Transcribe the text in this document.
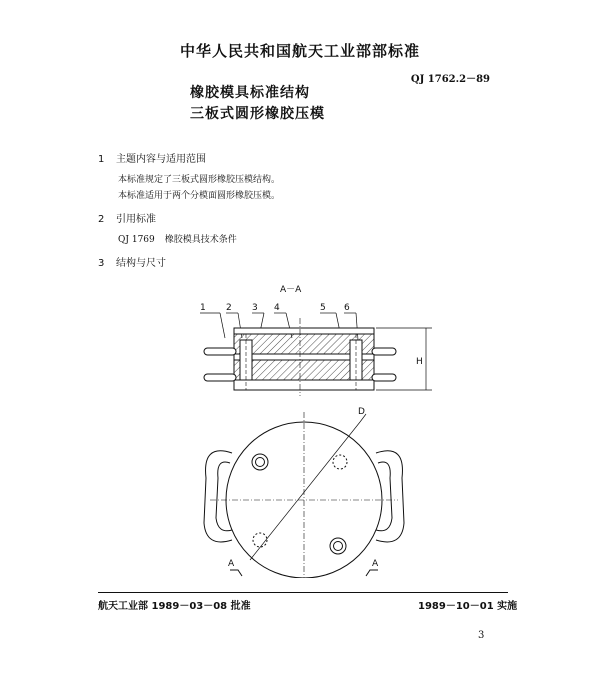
中华人民共和国航天工业部部标准
QJ 1762.2－89
橡胶模具标准结构
三板式圆形橡胶压模
1 主题内容与适用范围
本标准规定了三板式圆形橡胶压模结构。
本标准适用于两个分模面圆形橡胶压模。
2 引用标准
QJ 1769 橡胶模具技术条件
3 结构与尺寸
A－A
1 2 3 4	5 6
H
D
A	A
航天工业部 1989－03－08 批准	1989－10－01 实施
3
